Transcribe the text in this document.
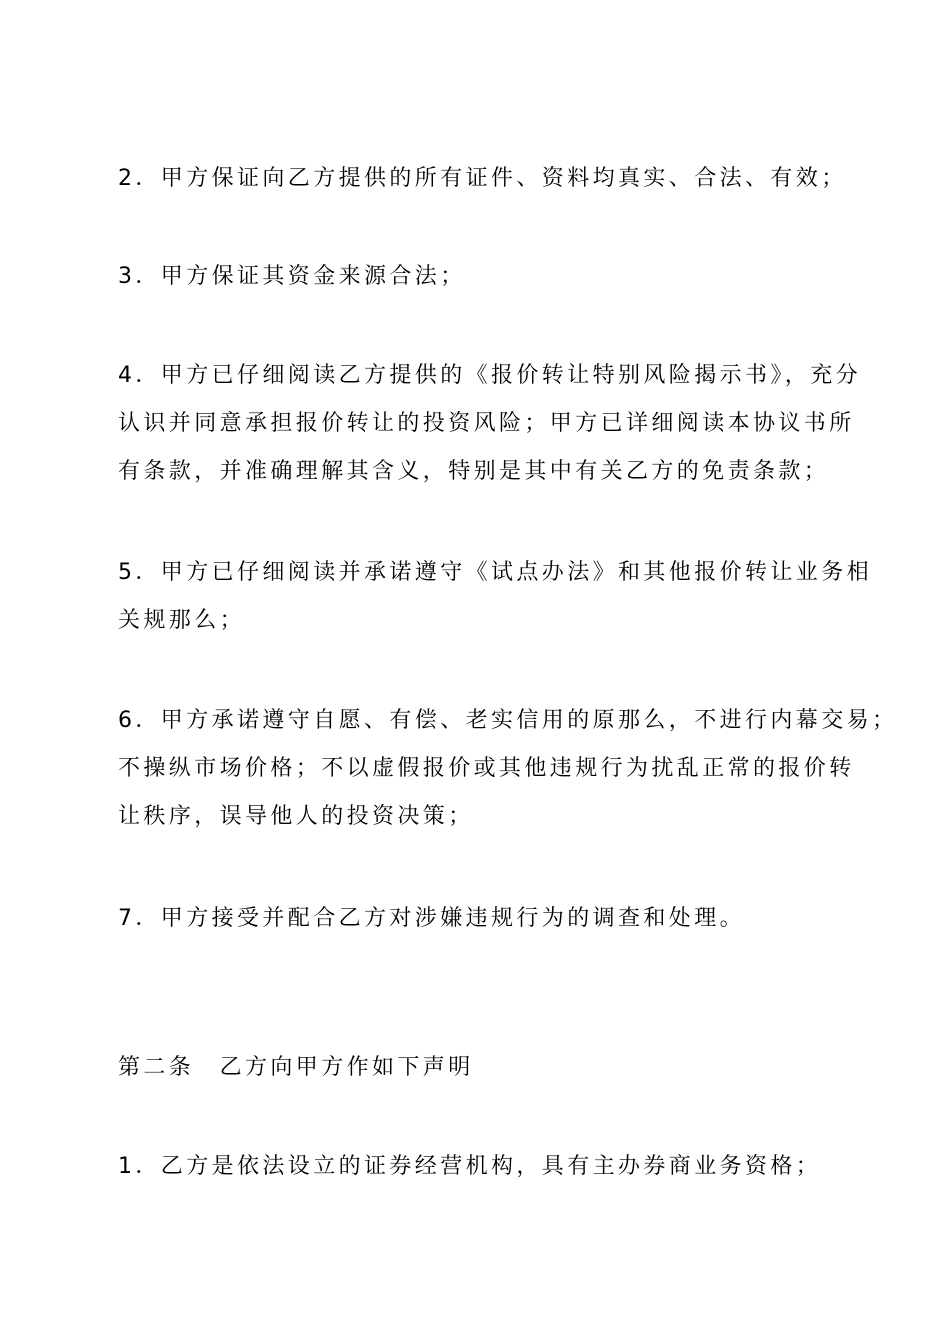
2．甲方保证向乙方提供的所有证件、资料均真实、合法、有效；
3．甲方保证其资金来源合法；
4．甲方已仔细阅读乙方提供的《报价转让特别风险揭示书》，充分
认识并同意承担报价转让的投资风险；甲方已详细阅读本协议书所
有条款，并准确理解其含义，特别是其中有关乙方的免责条款；
5．甲方已仔细阅读并承诺遵守《试点办法》和其他报价转让业务相
关规那么；
6．甲方承诺遵守自愿、有偿、老实信用的原那么，不进行内幕交易；
不操纵市场价格；不以虚假报价或其他违规行为扰乱正常的报价转
让秩序，误导他人的投资决策；
7．甲方接受并配合乙方对涉嫌违规行为的调查和处理。
第二条　乙方向甲方作如下声明
1．乙方是依法设立的证券经营机构，具有主办券商业务资格；
